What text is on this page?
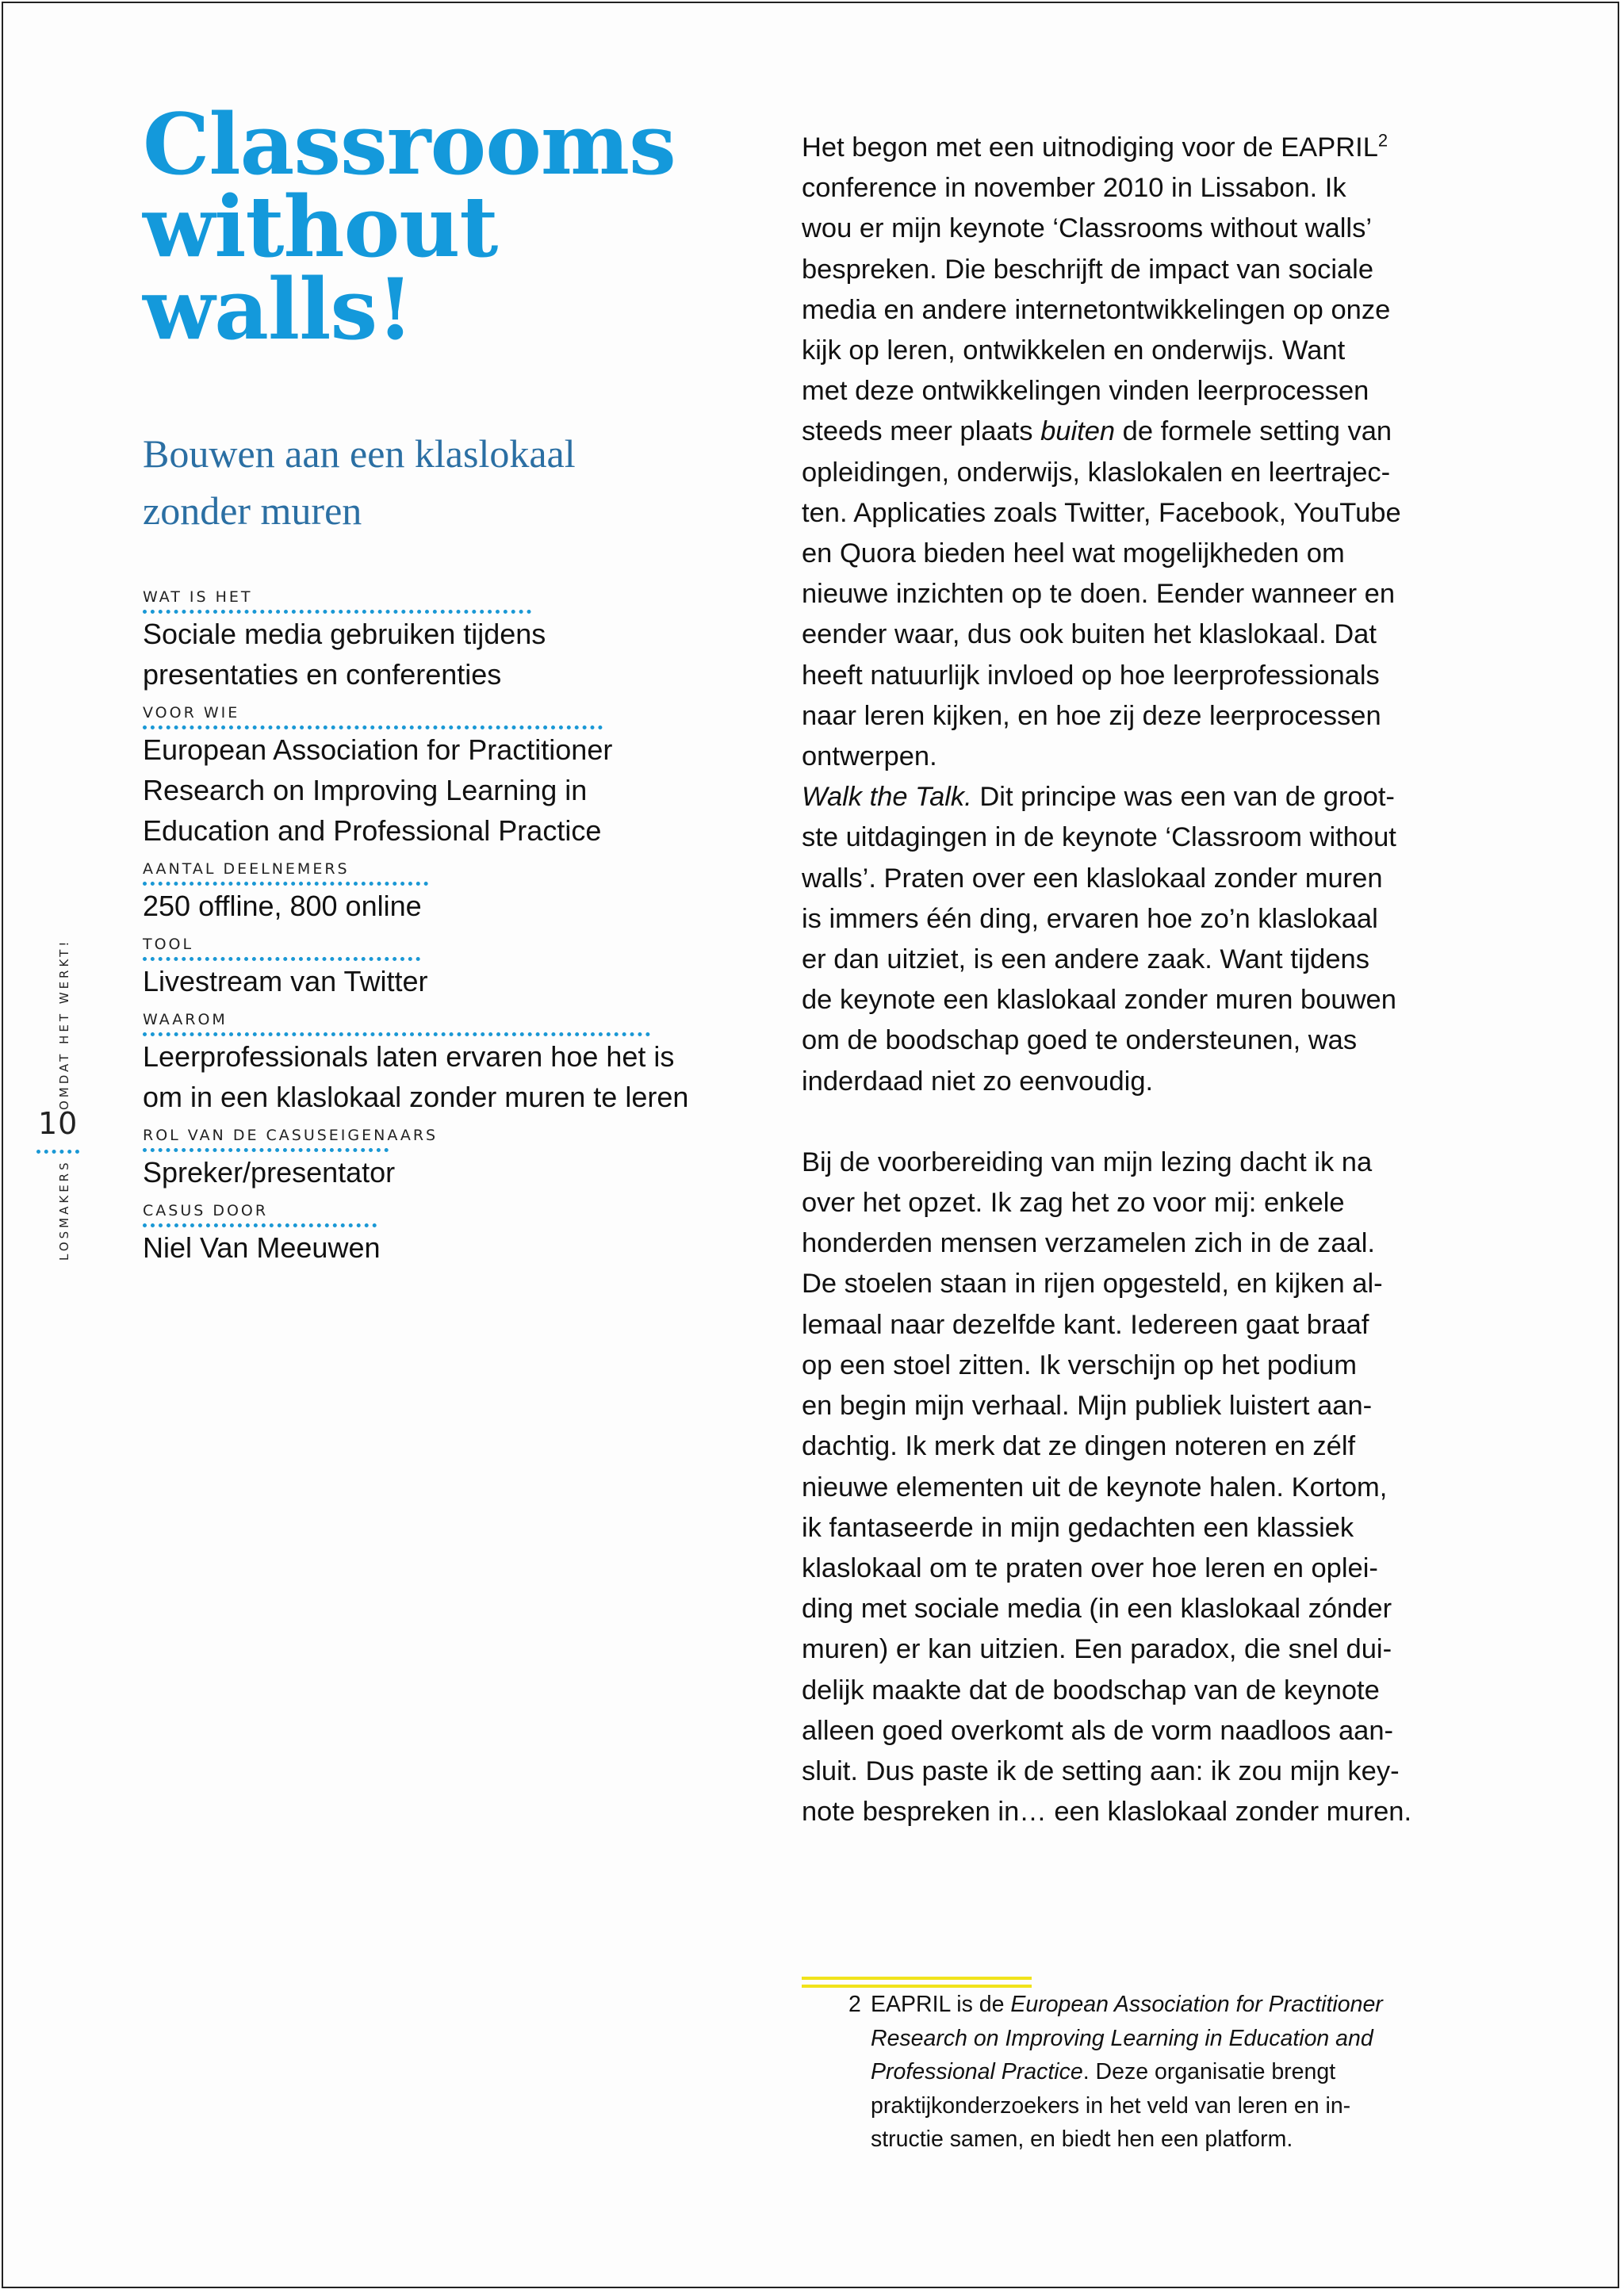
LOSMAKERSOMDAT HET WERKT!
10
Classrooms
without
walls!
Bouwen aan een klaslokaal
zonder muren
WAT IS HET
Sociale media gebruiken tijdens
presentaties en conferenties
VOOR WIE
European Association for Practitioner
Research on Improving Learning in
Education and Professional Practice
AANTAL DEELNEMERS
250 offline, 800 online
TOOL
Livestream van Twitter
WAAROM
Leerprofessionals laten ervaren hoe het is
om in een klaslokaal zonder muren te leren
ROL VAN DE CASUSEIGENAARS
Spreker/presentator
CASUS DOOR
Niel Van Meeuwen

Het begon met een uitnodiging voor de EAPRIL$^2$
conference in november 2010 in Lissabon. Ik
wou er mijn keynote ‘Classrooms without walls’
bespreken. Die beschrijft de impact van sociale
media en andere internetontwikkelingen op onze
kijk op leren, ontwikkelen en onderwijs. Want
met deze ontwikkelingen vinden leerprocessen
steeds meer plaats buiten de formele setting van
opleidingen, onderwijs, klaslokalen en leertrajec-
ten. Applicaties zoals Twitter, Facebook, YouTube
en Quora bieden heel wat mogelijkheden om
nieuwe inzichten op te doen. Eender wanneer en
eender waar, dus ook buiten het klaslokaal. Dat
heeft natuurlijk invloed op hoe leerprofessionals
naar leren kijken, en hoe zij deze leerprocessen
ontwerpen.

Walk the Talk. Dit principe was een van de groot-
ste uitdagingen in de keynote ‘Classroom without
walls’. Praten over een klaslokaal zonder muren
is immers één ding, ervaren hoe zo’n klaslokaal
er dan uitziet, is een andere zaak. Want tijdens
de keynote een klaslokaal zonder muren bouwen
om de boodschap goed te ondersteunen, was
inderdaad niet zo eenvoudig.

Bij de voorbereiding van mijn lezing dacht ik na
over het opzet. Ik zag het zo voor mij: enkele
honderden mensen verzamelen zich in de zaal.
De stoelen staan in rijen opgesteld, en kijken al-
lemaal naar dezelfde kant. Iedereen gaat braaf
op een stoel zitten. Ik verschijn op het podium
en begin mijn verhaal. Mijn publiek luistert aan-
dachtig. Ik merk dat ze dingen noteren en zélf
nieuwe elementen uit de keynote halen. Kortom,
ik fantaseerde in mijn gedachten een klassiek
klaslokaal om te praten over hoe leren en oplei-
ding met sociale media (in een klaslokaal zónder
muren) er kan uitzien. Een paradox, die snel dui-
delijk maakte dat de boodschap van de keynote
alleen goed overkomt als de vorm naadloos aan-
sluit. Dus paste ik de setting aan: ik zou mijn key-
note bespreken in… een klaslokaal zonder muren.

2 EAPRIL is de European Association for Practitioner Research on Improving Learning in Education and Professional Practice. Deze organisatie brengt praktijkonderzoekers in het veld van leren en in-structie samen, en biedt hen een platform.
